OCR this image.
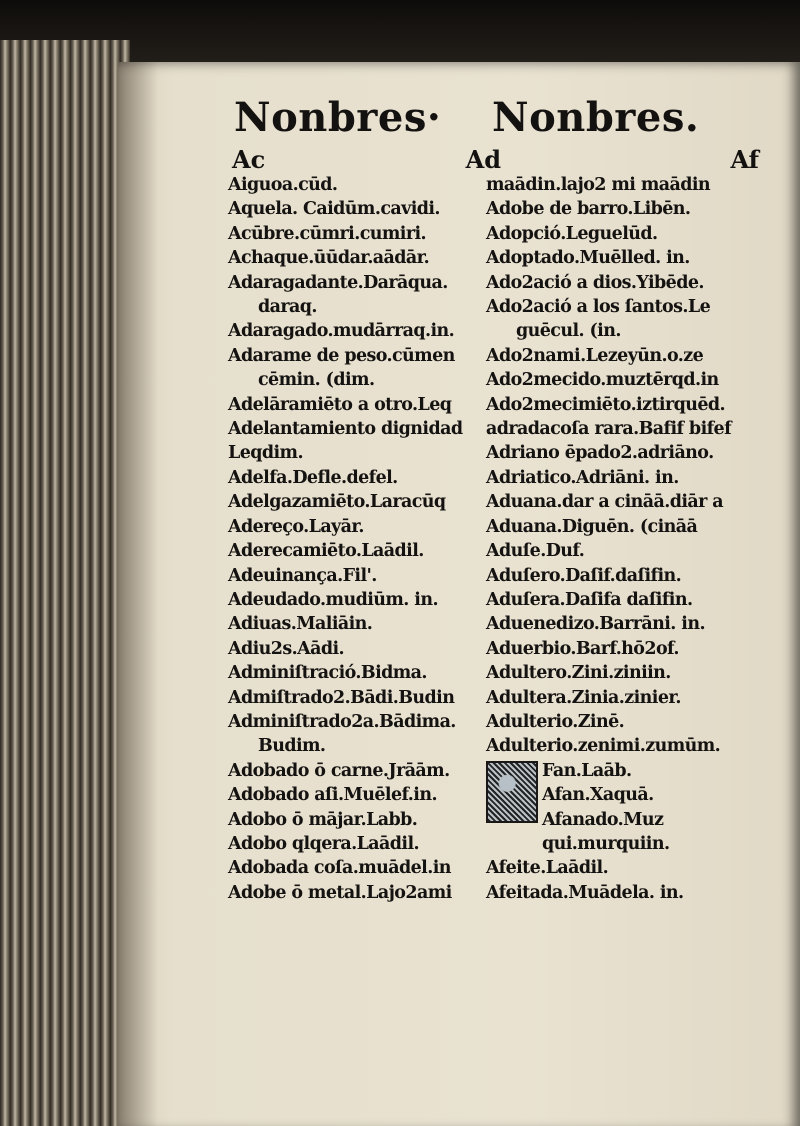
Nonbres·
Ac	Ad
Aiguoa.cūd.
Aquela. Caidūm.cavidi.
Acūbre.cūmri.cumiri.
Achaque.ūūdar.aādār.
Adaragadante.Darāqua.
daraq.
Adaragado.mudārraq.in.
Adarame de peso.cūmen
cēmin. (dim.
Adelāramiēto a otro.Leq
Adelantamiento dignidad
Leqdim.
Adelfa.Defle.defel.
Adelgazamiēto.Laracūq
Adereço.Layār.
Aderecamiēto.Laādil.
Adeuinança.Fil'.
Adeudado.mudiūm. in.
Adiuas.Maliāin.
Adiu2s.Aādi.
Adminiſtració.Bidma.
Admiſtrado2.Bādi.Budin
Adminiſtrado2a.Bādima.
Budim.
Adobado ō carne.Jrāām.
Adobado aſi.Muēlef.in.
Adobo ō mājar.Labb.
Adobo qlqera.Laādil.
Adobada coſa.muādel.in
Adobe ō metal.Lajo2ami
Nonbres.
Af
maādin.lajo2 mi maādin
Adobe de barro.Libēn.
Adopció.Leguelūd.
Adoptado.Muēlled. in.
Ado2ació a dios.Yibēde.
Ado2ació a los ſantos.Le
guēcul. (in.
Ado2nami.Lezeyūn.o.ze
Ado2mecido.muztērqd.in
Ado2mecimiēto.iztirquēd.
adradacoſa rara.Bafif bifef
Adriano ēpado2.adriāno.
Adriatico.Adriāni. in.
Aduana.dar a cināā.diār a
Aduana.Diguēn. (cināā
Aduſe.Duf.
Aduſero.Daſif.daſifin.
Aduſera.Daſifa daſifin.
Aduenedizo.Barrāni. in.
Aduerbio.Barf.hō2of.
Adultero.Zini.ziniin.
Adultera.Zinia.zinier.
Adulterio.Zinē.
Adulterio.zenimi.zumūm.
Fan.Laāb.
Afan.Xaquā.
Afanado.Muz
qui.murquiin.
Afeite.Laādil.
Afeitada.Muādela. in.
